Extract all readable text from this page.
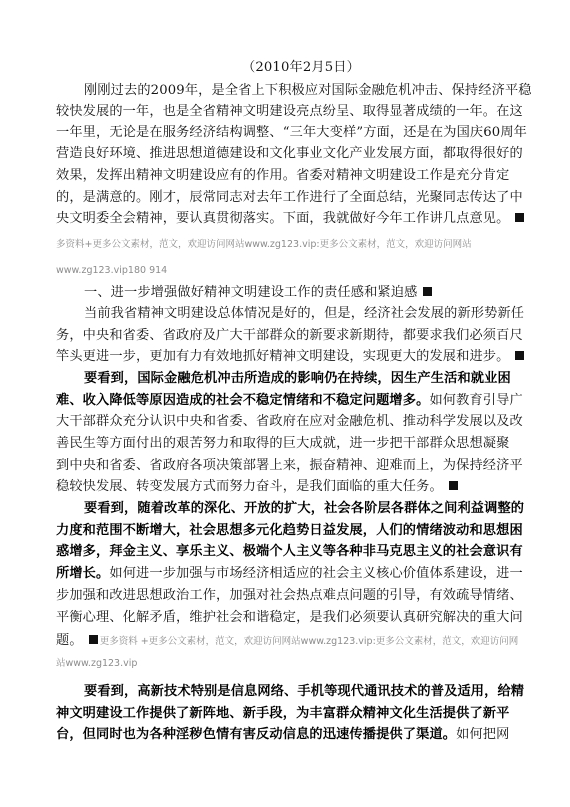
（2010年2月5日）
刚刚过去的2009年，是全省上下积极应对国际金融危机冲击、保持经济平稳
较快发展的一年，也是全省精神文明建设亮点纷呈、取得显著成绩的一年。在这
一年里，无论是在服务经济结构调整、“三年大变样”方面，还是在为国庆60周年
营造良好环境、推进思想道德建设和文化事业文化产业发展方面，都取得很好的
效果，发挥出精神文明建设应有的作用。省委对精神文明建设工作是充分肯定
的，是满意的。刚才，辰常同志对去年工作进行了全面总结，光聚同志传达了中
央文明委全会精神，要认真贯彻落实。下面，我就做好今年工作讲几点意见。
多资料+更多公文素材，范文，欢迎访问网站www.zg123.vip:更多公文素材，范文，欢迎访问网站
www.zg123.vip180 914
一、进一步增强做好精神文明建设工作的责任感和紧迫感
当前我省精神文明建设总体情况是好的，但是，经济社会发展的新形势新任
务，中央和省委、省政府及广大干部群众的新要求新期待，都要求我们必须百尺
竿头更进一步，更加有力有效地抓好精神文明建设，实现更大的发展和进步。
要看到，国际金融危机冲击所造成的影响仍在持续，因生产生活和就业困
难、收入降低等原因造成的社会不稳定情绪和不稳定问题增多。如何教育引导广
大干部群众充分认识中央和省委、省政府在应对金融危机、推动科学发展以及改
善民生等方面付出的艰苦努力和取得的巨大成就，进一步把干部群众思想凝聚
到中央和省委、省政府各项决策部署上来，振奋精神、迎难而上，为保持经济平
稳较快发展、转变发展方式而努力奋斗，是我们面临的重大任务。
要看到，随着改革的深化、开放的扩大，社会各阶层各群体之间利益调整的
力度和范围不断增大，社会思想多元化趋势日益发展，人们的情绪波动和思想困
惑增多，拜金主义、享乐主义、极端个人主义等各种非马克思主义的社会意识有
所增长。如何进一步加强与市场经济相适应的社会主义核心价值体系建设，进一
步加强和改进思想政治工作，加强对社会热点难点问题的引导，有效疏导情绪、
平衡心理、化解矛盾，维护社会和谐稳定，是我们必须要认真研究解决的重大问
题。 更多资料 +更多公文素材，范文，欢迎访问网站www.zg123.vip:更多公文素材，范文，欢迎访问网
站www.zg123.vip
要看到，高新技术特别是信息网络、手机等现代通讯技术的普及适用，给精
神文明建设工作提供了新阵地、新手段，为丰富群众精神文化生活提供了新平
台，但同时也为各种淫秽色情有害反动信息的迅速传播提供了渠道。如何把网
